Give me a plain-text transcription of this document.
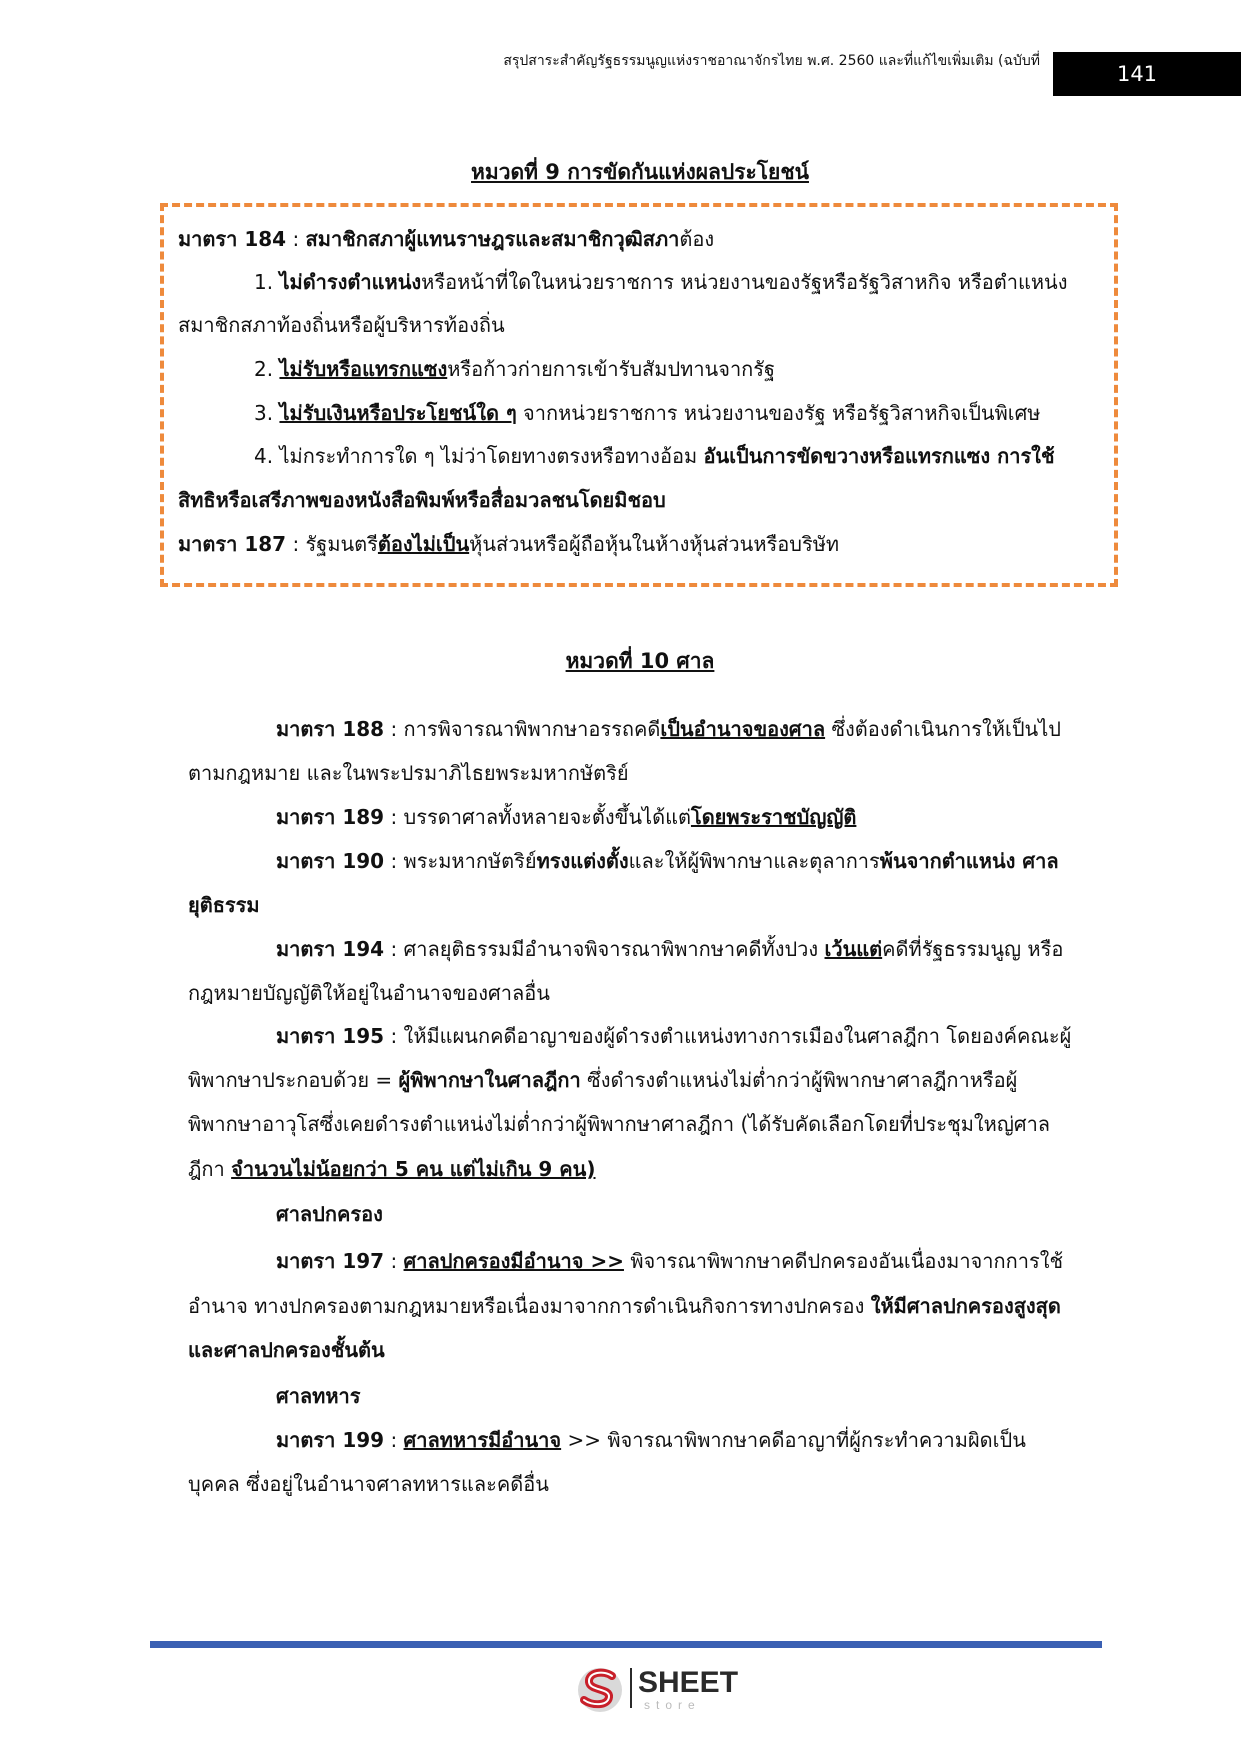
สรุปสาระสำคัญรัฐธรรมนูญแห่งราชอาณาจักรไทย พ.ศ. 2560 และที่แก้ไขเพิ่มเติม (ฉบับที่
141
หมวดที่ 9 การขัดกันแห่งผลประโยชน์
มาตรา 184 : สมาชิกสภาผู้แทนราษฎรและสมาชิกวุฒิสภาต้อง
1. ไม่ดำรงตำแหน่งหรือหน้าที่ใดในหน่วยราชการ หน่วยงานของรัฐหรือรัฐวิสาหกิจ หรือตำแหน่ง
สมาชิกสภาท้องถิ่นหรือผู้บริหารท้องถิ่น
2. ไม่รับหรือแทรกแซงหรือก้าวก่ายการเข้ารับสัมปทานจากรัฐ
3. ไม่รับเงินหรือประโยชน์ใด ๆ จากหน่วยราชการ หน่วยงานของรัฐ หรือรัฐวิสาหกิจเป็นพิเศษ
4. ไม่กระทำการใด ๆ ไม่ว่าโดยทางตรงหรือทางอ้อม อันเป็นการขัดขวางหรือแทรกแซง การใช้
สิทธิหรือเสรีภาพของหนังสือพิมพ์หรือสื่อมวลชนโดยมิชอบ
มาตรา 187 : รัฐมนตรีต้องไม่เป็นหุ้นส่วนหรือผู้ถือหุ้นในห้างหุ้นส่วนหรือบริษัท
หมวดที่ 10 ศาล
มาตรา 188 : การพิจารณาพิพากษาอรรถคดีเป็นอำนาจของศาล ซึ่งต้องดำเนินการให้เป็นไป
ตามกฎหมาย และในพระปรมาภิไธยพระมหากษัตริย์
มาตรา 189 : บรรดาศาลทั้งหลายจะตั้งขึ้นได้แต่โดยพระราชบัญญัติ
มาตรา 190 : พระมหากษัตริย์ทรงแต่งตั้งและให้ผู้พิพากษาและตุลาการพ้นจากตำแหน่ง ศาล
ยุติธรรม
มาตรา 194 : ศาลยุติธรรมมีอำนาจพิจารณาพิพากษาคดีทั้งปวง เว้นแต่คดีที่รัฐธรรมนูญ หรือ
กฎหมายบัญญัติให้อยู่ในอำนาจของศาลอื่น
มาตรา 195 : ให้มีแผนกคดีอาญาของผู้ดำรงตำแหน่งทางการเมืองในศาลฎีกา โดยองค์คณะผู้
พิพากษาประกอบด้วย = ผู้พิพากษาในศาลฎีกา ซึ่งดำรงตำแหน่งไม่ต่ำกว่าผู้พิพากษาศาลฎีกาหรือผู้
พิพากษาอาวุโสซึ่งเคยดำรงตำแหน่งไม่ต่ำกว่าผู้พิพากษาศาลฎีกา (ได้รับคัดเลือกโดยที่ประชุมใหญ่ศาล
ฎีกา จำนวนไม่น้อยกว่า 5 คน แต่ไม่เกิน 9 คน)
ศาลปกครอง
มาตรา 197 : ศาลปกครองมีอำนาจ >> พิจารณาพิพากษาคดีปกครองอันเนื่องมาจากการใช้
อำนาจ ทางปกครองตามกฎหมายหรือเนื่องมาจากการดำเนินกิจการทางปกครอง ให้มีศาลปกครองสูงสุด
และศาลปกครองชั้นต้น
ศาลทหาร
มาตรา 199 : ศาลทหารมีอำนาจ >> พิจารณาพิพากษาคดีอาญาที่ผู้กระทำความผิดเป็น
บุคคล ซึ่งอยู่ในอำนาจศาลทหารและคดีอื่น
SHEET
store
